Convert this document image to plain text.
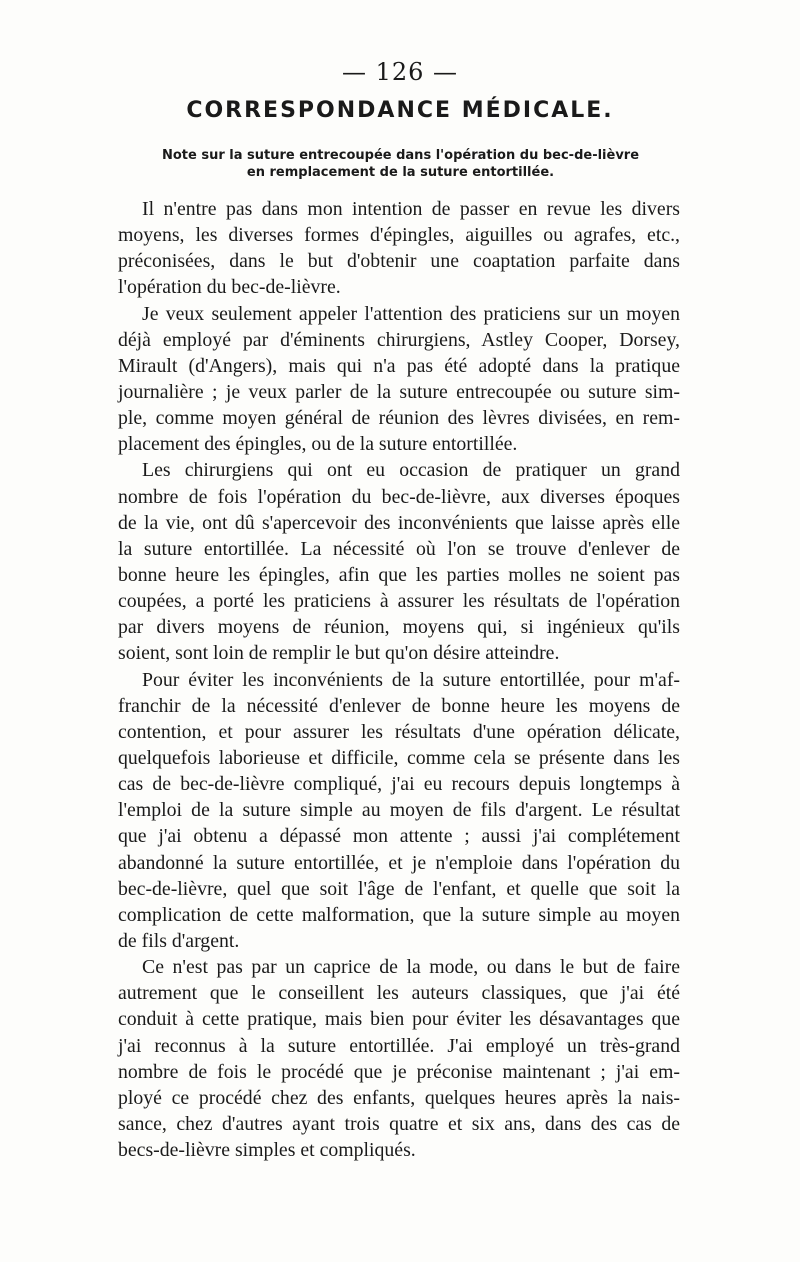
— 126 —
CORRESPONDANCE MÉDICALE.
Note sur la suture entrecoupée dans l'opération du bec-de-lièvre
en remplacement de la suture entortillée.
Il n'entre pas dans mon intention de passer en revue les divers
moyens, les diverses formes d'épingles, aiguilles ou agrafes, etc.,
préconisées, dans le but d'obtenir une coaptation parfaite dans
l'opération du bec-de-lièvre.
Je veux seulement appeler l'attention des praticiens sur un moyen
déjà employé par d'éminents chirurgiens, Astley Cooper, Dorsey,
Mirault (d'Angers), mais qui n'a pas été adopté dans la pratique
journalière ; je veux parler de la suture entrecoupée ou suture sim-
ple, comme moyen général de réunion des lèvres divisées, en rem-
placement des épingles, ou de la suture entortillée.
Les chirurgiens qui ont eu occasion de pratiquer un grand
nombre de fois l'opération du bec-de-lièvre, aux diverses époques
de la vie, ont dû s'apercevoir des inconvénients que laisse après elle
la suture entortillée. La nécessité où l'on se trouve d'enlever de
bonne heure les épingles, afin que les parties molles ne soient pas
coupées, a porté les praticiens à assurer les résultats de l'opération
par divers moyens de réunion, moyens qui, si ingénieux qu'ils
soient, sont loin de remplir le but qu'on désire atteindre.
Pour éviter les inconvénients de la suture entortillée, pour m'af-
franchir de la nécessité d'enlever de bonne heure les moyens de
contention, et pour assurer les résultats d'une opération délicate,
quelquefois laborieuse et difficile, comme cela se présente dans les
cas de bec-de-lièvre compliqué, j'ai eu recours depuis longtemps à
l'emploi de la suture simple au moyen de fils d'argent. Le résultat
que j'ai obtenu a dépassé mon attente ; aussi j'ai complétement
abandonné la suture entortillée, et je n'emploie dans l'opération du
bec-de-lièvre, quel que soit l'âge de l'enfant, et quelle que soit la
complication de cette malformation, que la suture simple au moyen
de fils d'argent.
Ce n'est pas par un caprice de la mode, ou dans le but de faire
autrement que le conseillent les auteurs classiques, que j'ai été
conduit à cette pratique, mais bien pour éviter les désavantages que
j'ai reconnus à la suture entortillée. J'ai employé un très-grand
nombre de fois le procédé que je préconise maintenant ; j'ai em-
ployé ce procédé chez des enfants, quelques heures après la nais-
sance, chez d'autres ayant trois quatre et six ans, dans des cas de
becs-de-lièvre simples et compliqués.
